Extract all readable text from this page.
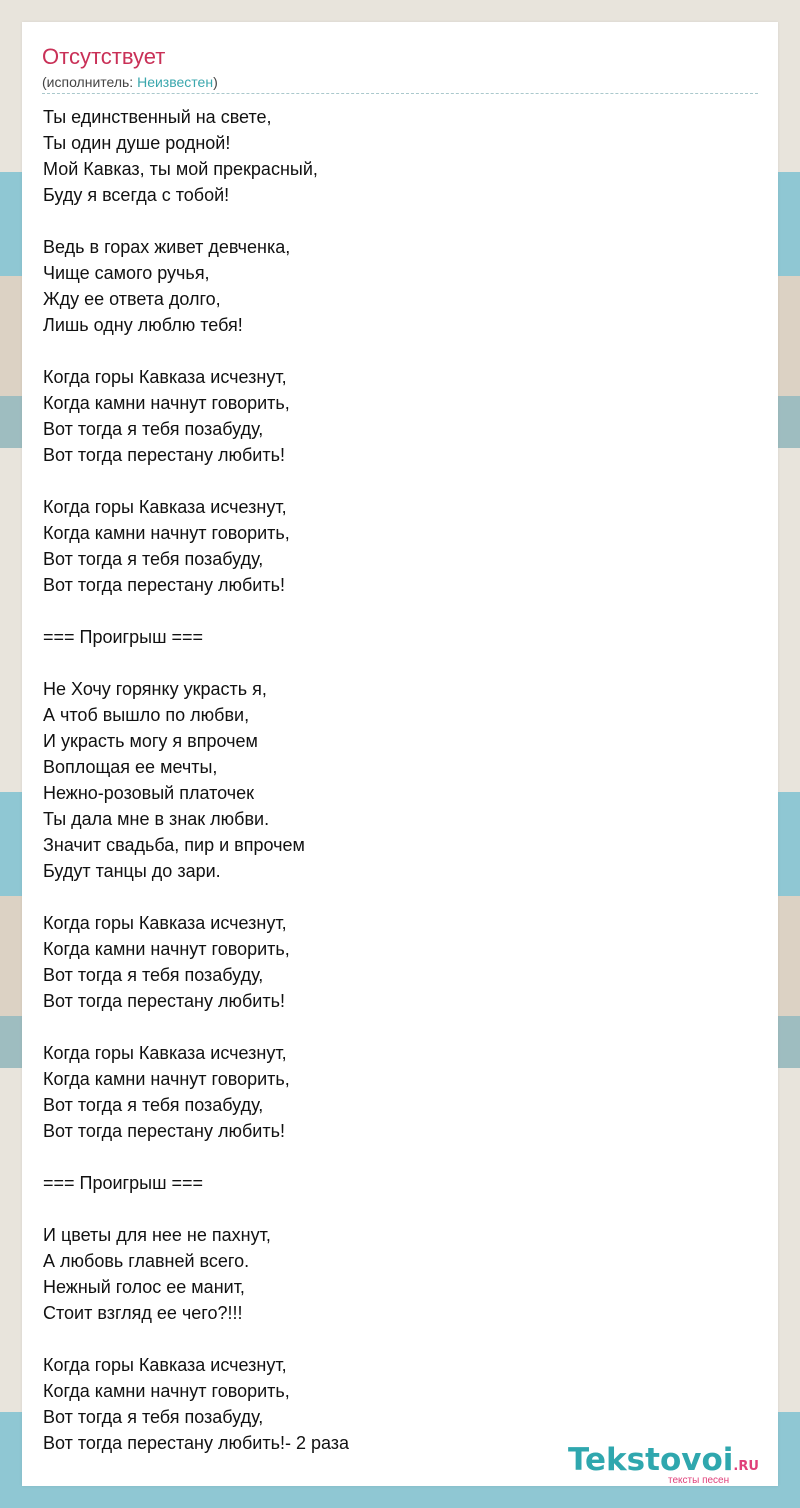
Отсутствует
(исполнитель: Неизвестен)
Ты единственный на свете,
Ты один душе родной!
Мой Кавказ, ты мой прекрасный,
Буду я всегда с тобой!
Ведь в горах живет девченка,
Чище самого ручья,
Жду ее ответа долго,
Лишь одну люблю тебя!
Когда горы Кавказа исчезнут,
Когда камни начнут говорить,
Вот тогда я тебя позабуду,
Вот тогда перестану любить!
Когда горы Кавказа исчезнут,
Когда камни начнут говорить,
Вот тогда я тебя позабуду,
Вот тогда перестану любить!
=== Проигрыш ===
Не Хочу горянку украсть я,
А чтоб вышло по любви,
И украсть могу я впрочем
Воплощая ее мечты,
Нежно-розовый платочек
Ты дала мне в знак любви.
Значит свадьба, пир и впрочем
Будут танцы до зари.
Когда горы Кавказа исчезнут,
Когда камни начнут говорить,
Вот тогда я тебя позабуду,
Вот тогда перестану любить!
Когда горы Кавказа исчезнут,
Когда камни начнут говорить,
Вот тогда я тебя позабуду,
Вот тогда перестану любить!
=== Проигрыш ===
И цветы для нее не пахнут,
А любовь главней всего.
Нежный голос ее манит,
Стоит взгляд ее чего?!!!
Когда горы Кавказа исчезнут,
Когда камни начнут говорить,
Вот тогда я тебя позабуду,
Вот тогда перестану любить!- 2 раза	Tekstovoi.RU
тексты песен
